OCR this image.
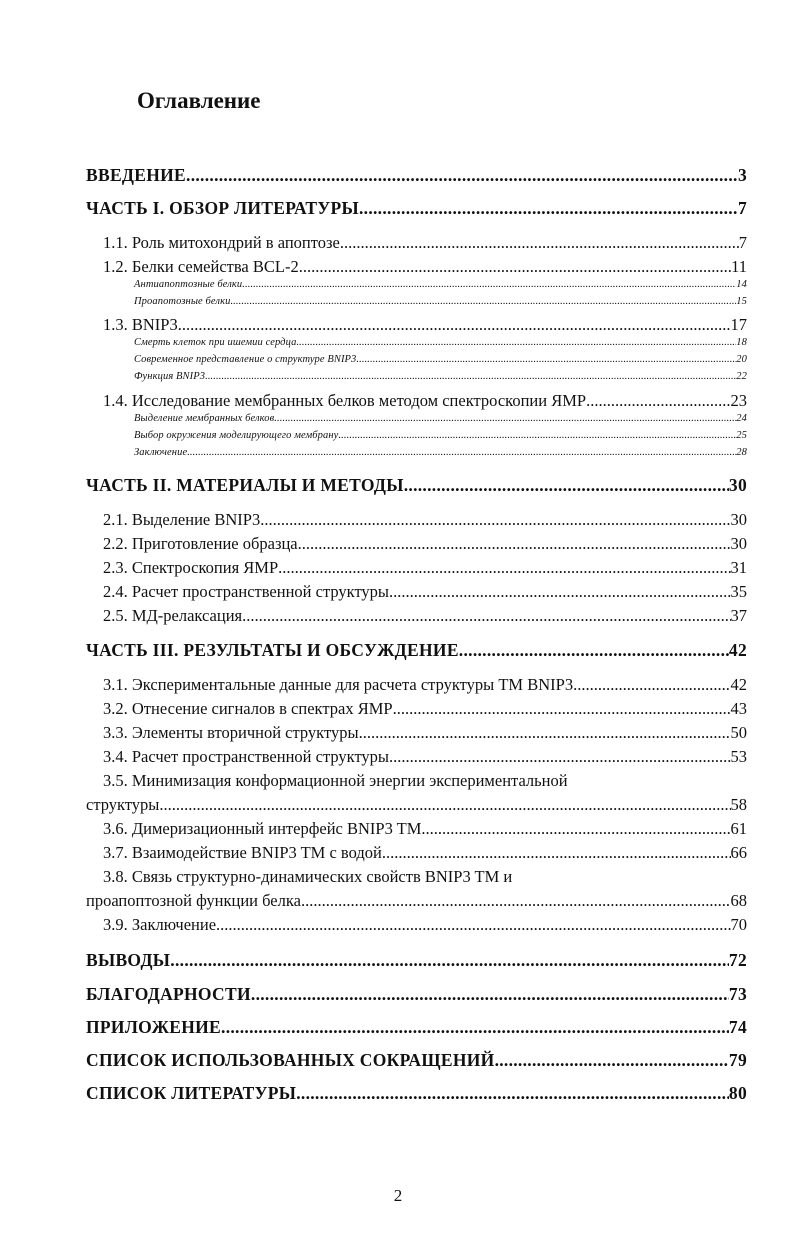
Оглавление
ВВЕДЕНИЕ .....	3
ЧАСТЬ I. ОБЗОР ЛИТЕРАТУРЫ .....	7
1.1. Роль митохондрий в апоптозе .....	7
1.2. Белки семейства BCL-2 .....	11
Антиапоптозные белки .....	14
Проапотозные белки .....	15
1.3. BNIP3 .....	17
Смерть клеток при ишемии сердца .....	18
Современное представление о структуре BNIP3 .....	20
Функция BNIP3 .....	22
1.4. Исследование мембранных белков методом спектроскопии ЯМР .....	23
Выделение мембранных белков .....	24
Выбор окружения моделирующего мембрану .....	25
Заключение .....	28
ЧАСТЬ II. МАТЕРИАЛЫ И МЕТОДЫ .....	30
2.1. Выделение BNIP3 .....	30
2.2. Приготовление образца .....	30
2.3. Спектроскопия ЯМР .....	31
2.4. Расчет пространственной структуры .....	35
2.5. МД-релаксация .....	37
ЧАСТЬ III. РЕЗУЛЬТАТЫ И ОБСУЖДЕНИЕ .....	42
3.1. Экспериментальные данные для расчета структуры TM BNIP3 .....	42
3.2. Отнесение сигналов в спектрах ЯМР .....	43
3.3. Элементы вторичной структуры .....	50
3.4. Расчет пространственной структуры .....	53
3.5. Минимизация конформационной энергии экспериментальной
структуры .....	58
3.6. Димеризационный интерфейс BNIP3 TM .....	61
3.7. Взаимодействие BNIP3 TM с водой .....	66
3.8. Связь структурно-динамических свойств BNIP3 TM и
проапоптозной функции белка .....	68
3.9. Заключение .....	70
ВЫВОДЫ .....	72
БЛАГОДАРНОСТИ .....	73
ПРИЛОЖЕНИЕ .....	74
СПИСОК ИСПОЛЬЗОВАННЫХ СОКРАЩЕНИЙ .....	79
СПИСОК ЛИТЕРАТУРЫ .....	80
2
